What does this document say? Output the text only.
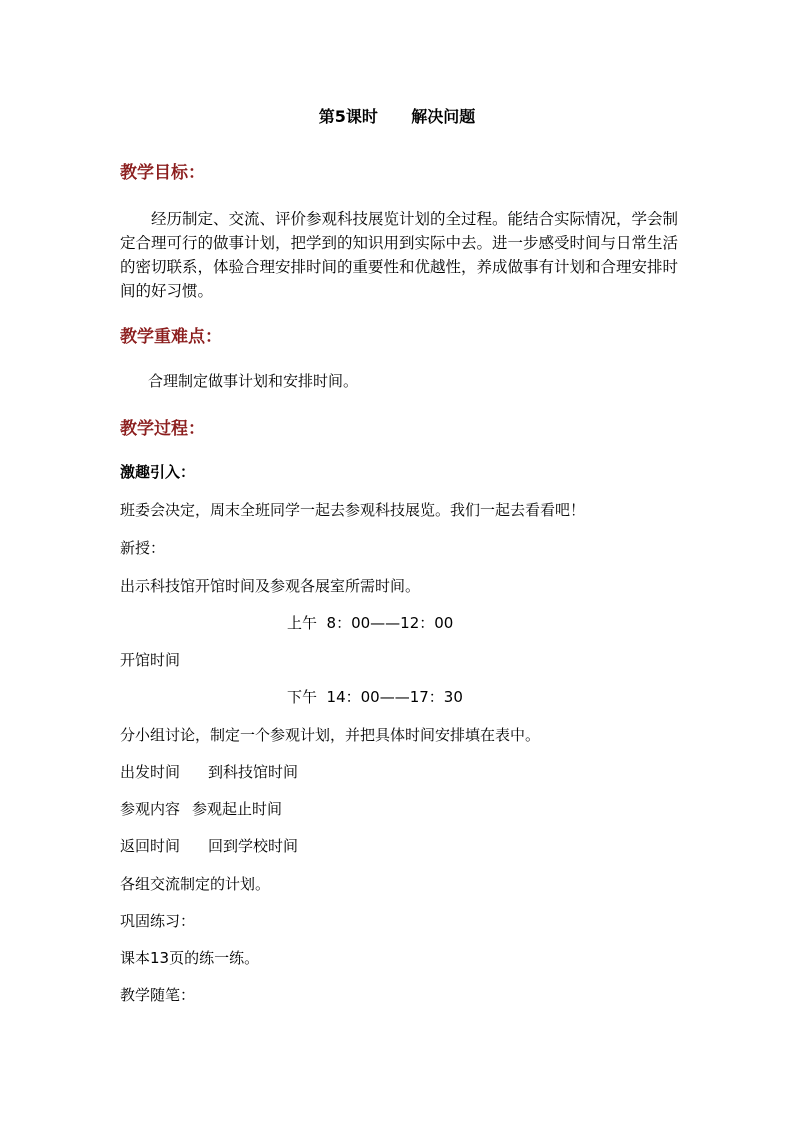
第5课时      解决问题
教学目标：

经历制定、交流、评价参观科技展览计划的全过程。能结合实际情况，学会制定合理可行的做事计划，把学到的知识用到实际中去。进一步感受时间与日常生活的密切联系，体验合理安排时间的重要性和优越性，养成做事有计划和合理安排时间的好习惯。

教学重难点：
合理制定做事计划和安排时间。
教学过程：
激趣引入：
班委会决定，周末全班同学一起去参观科技展览。我们一起去看看吧！
新授：
出示科技馆开馆时间及参观各展室所需时间。
上午  8：00——12：00
开馆时间
下午  14：00——17：30
分小组讨论，制定一个参观计划，并把具体时间安排填在表中。
出发时间 到科技馆时间
参观内容 参观起止时间
返回时间 回到学校时间
各组交流制定的计划。
巩固练习：
课本13页的练一练。
教学随笔：
